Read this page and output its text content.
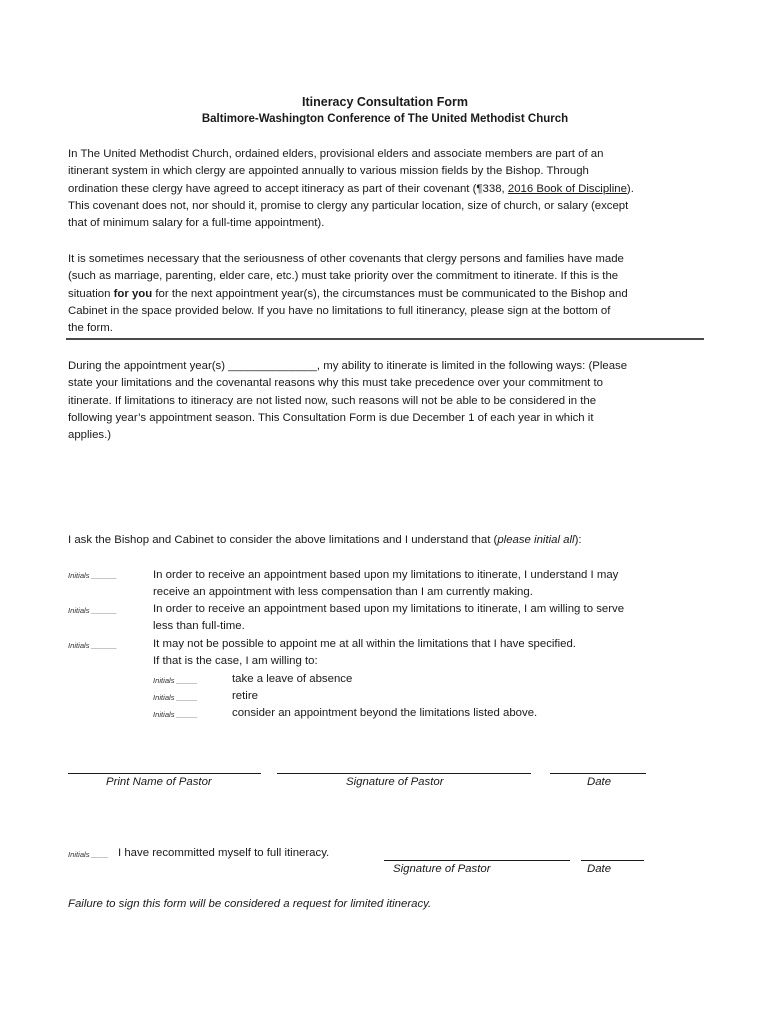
Itineracy Consultation Form
Baltimore-Washington Conference of The United Methodist Church
In The United Methodist Church, ordained elders, provisional elders and associate members are part of an
itinerant system in which clergy are appointed annually to various mission fields by the Bishop. Through
ordination these clergy have agreed to accept itineracy as part of their covenant (¶338, 2016 Book of Discipline).
This covenant does not, nor should it, promise to clergy any particular location, size of church, or salary (except
that of minimum salary for a full-time appointment).
It is sometimes necessary that the seriousness of other covenants that clergy persons and families have made
(such as marriage, parenting, elder care, etc.) must take priority over the commitment to itinerate. If this is the
situation for you for the next appointment year(s), the circumstances must be communicated to the Bishop and
Cabinet in the space provided below. If you have no limitations to full itinerancy, please sign at the bottom of
the form.
During the appointment year(s) ______________, my ability to itinerate is limited in the following ways: (Please
state your limitations and the covenantal reasons why this must take precedence over your commitment to
itinerate. If limitations to itineracy are not listed now, such reasons will not be able to be considered in the
following year’s appointment season. This Consultation Form is due December 1 of each year in which it
applies.)
I ask the Bishop and Cabinet to consider the above limitations and I understand that (please initial all):
Initials ______	In order to receive an appointment based upon my limitations to itinerate, I understand I may
receive an appointment with less compensation than I am currently making.
Initials ______	In order to receive an appointment based upon my limitations to itinerate, I am willing to serve
less than full-time.
Initials ______	It may not be possible to appoint me at all within the limitations that I have specified.
If that is the case, I am willing to:
Initials _____	take a leave of absence
Initials _____	retire
Initials _____	consider an appointment beyond the limitations listed above.
Print Name of Pastor	Signature of Pastor	Date
Initials ____ I have recommitted myself to full itineracy.
Signature of Pastor	Date
Failure to sign this form will be considered a request for limited itineracy.
